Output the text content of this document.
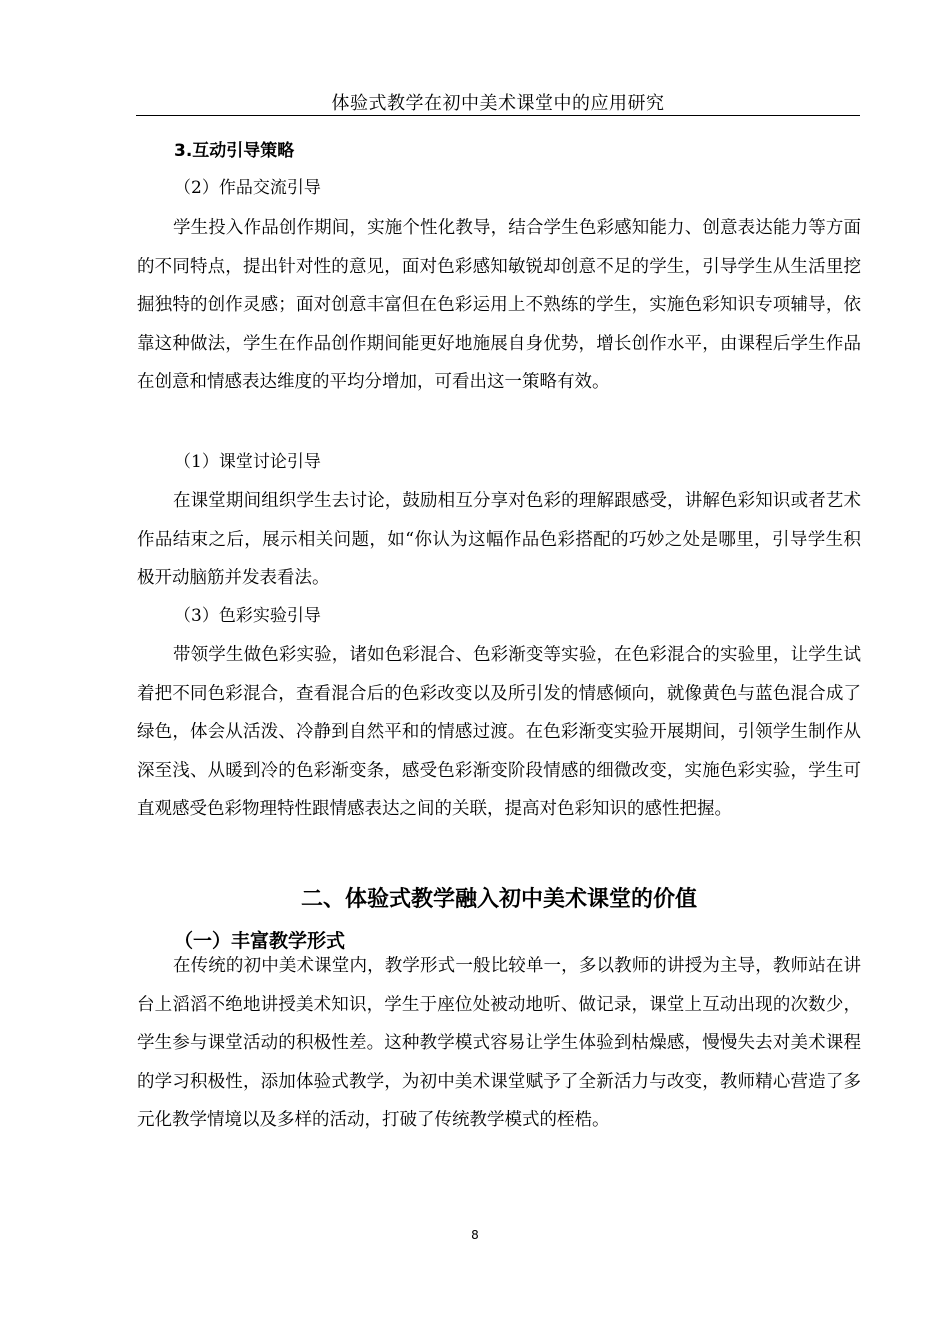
体验式教学在初中美术课堂中的应用研究
3.互动引导策略
（2）作品交流引导

学生投入作品创作期间，实施个性化教导，结合学生色彩感知能力、创意表达能力等方面的不同特点，提出针对性的意见，面对色彩感知敏锐却创意不足的学生，引导学生从生活里挖掘独特的创作灵感；面对创意丰富但在色彩运用上不熟练的学生，实施色彩知识专项辅导，依靠这种做法，学生在作品创作期间能更好地施展自身优势，增长创作水平，由课程后学生作品在创意和情感表达维度的平均分增加，可看出这一策略有效。

（1）课堂讨论引导

在课堂期间组织学生去讨论，鼓励相互分享对色彩的理解跟感受，讲解色彩知识或者艺术作品结束之后，展示相关问题，如“你认为这幅作品色彩搭配的巧妙之处是哪里，引导学生积极开动脑筋并发表看法。

（3）色彩实验引导

带领学生做色彩实验，诸如色彩混合、色彩渐变等实验，在色彩混合的实验里，让学生试着把不同色彩混合，查看混合后的色彩改变以及所引发的情感倾向，就像黄色与蓝色混合成了绿色，体会从活泼、冷静到自然平和的情感过渡。在色彩渐变实验开展期间，引领学生制作从深至浅、从暖到冷的色彩渐变条，感受色彩渐变阶段情感的细微改变，实施色彩实验，学生可直观感受色彩物理特性跟情感表达之间的关联，提高对色彩知识的感性把握。

二、体验式教学融入初中美术课堂的价值
（一）丰富教学形式

在传统的初中美术课堂内，教学形式一般比较单一，多以教师的讲授为主导，教师站在讲台上滔滔不绝地讲授美术知识，学生于座位处被动地听、做记录，课堂上互动出现的次数少，学生参与课堂活动的积极性差。这种教学模式容易让学生体验到枯燥感，慢慢失去对美术课程的学习积极性，添加体验式教学，为初中美术课堂赋予了全新活力与改变，教师精心营造了多元化教学情境以及多样的活动，打破了传统教学模式的桎梏。

8
